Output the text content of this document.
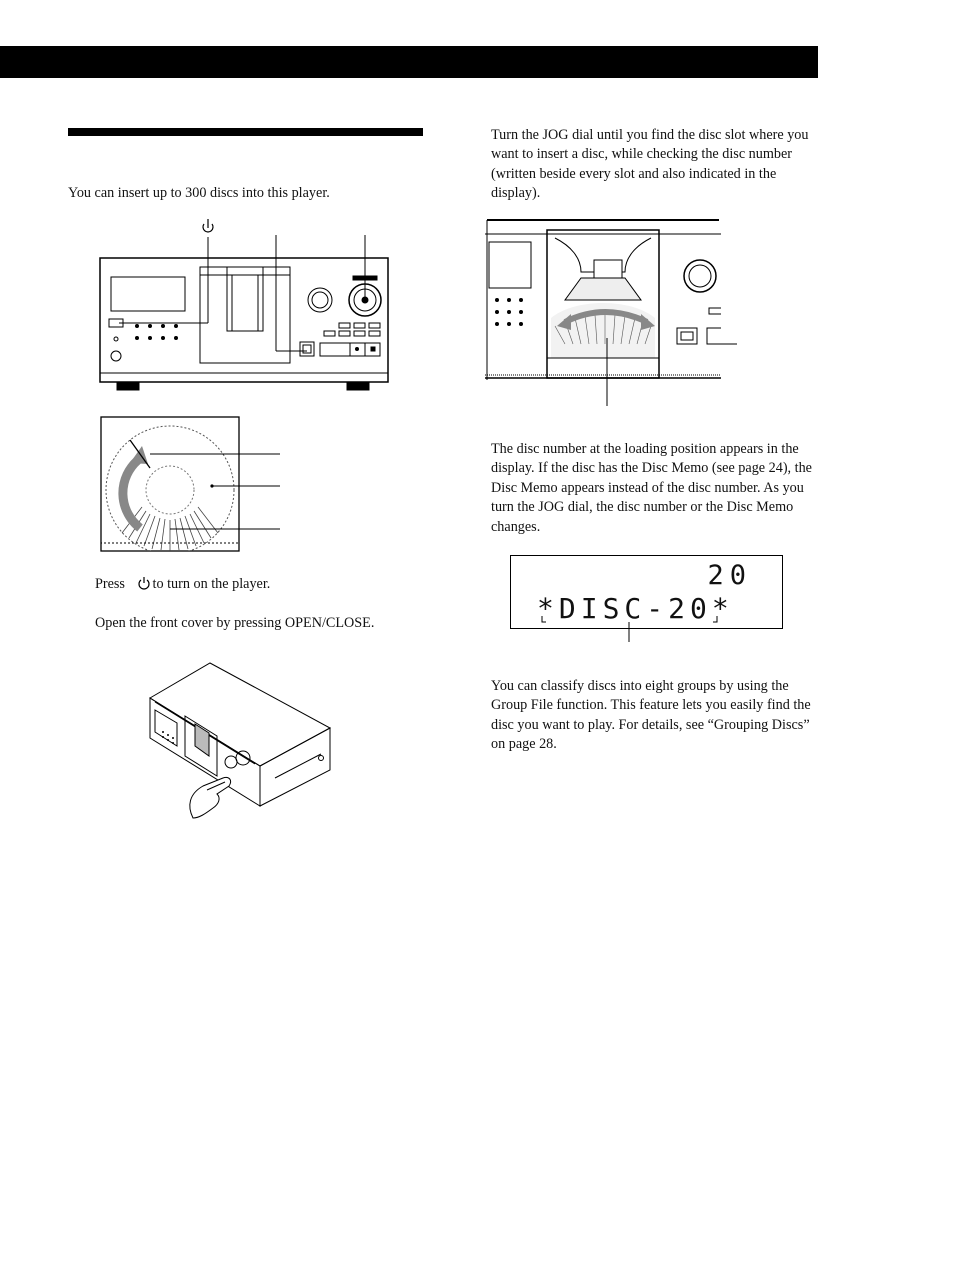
You can insert up to 300 discs into this player.

Press to turn on the player.

Open the front cover by pressing OPEN/CLOSE.

Turn the JOG dial until you find the disc slot where you want to insert a disc, while checking the disc number (written beside every slot and also indicated in the display).

The disc number at the loading position appears in the display. If the disc has the Disc Memo (see page 24), the Disc Memo appears instead of the disc number. As you turn the JOG dial, the disc number or the Disc Memo changes.

20
*DISC-20*

You can classify discs into eight groups by using the Group File function. This feature lets you easily find the disc you want to play. For details, see “Grouping Discs” on page 28.
